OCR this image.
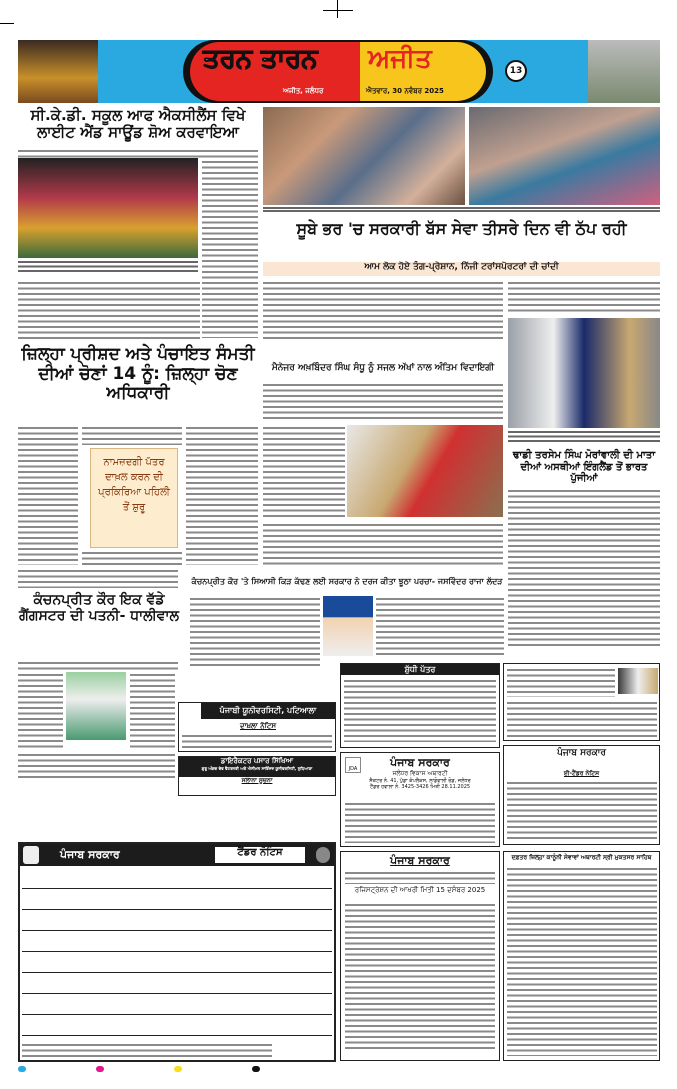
ਤਰਨ ਤਾਰਨ ਅਜੀਤ
ਅਜੀਤ, ਜਲੰਧਰ	ਐਤਵਾਰ, 30 ਨਵੰਬਰ 2025
13
ਸੀ.ਕੇ.ਡੀ. ਸਕੂਲ ਆਫ ਐਕਸੀਲੈਂਸ ਵਿਖੇ ਲਾਈਟ ਐਂਡ ਸਾਊਂਡ ਸ਼ੋਅ ਕਰਵਾਇਆ
ਸੂਬੇ ਭਰ 'ਚ ਸਰਕਾਰੀ ਬੱਸ ਸੇਵਾ ਤੀਸਰੇ ਦਿਨ ਵੀ ਠੱਪ ਰਹੀ
ਆਮ ਲੋਕ ਹੋਏ ਤੰਗ-ਪ੍ਰੇਸ਼ਾਨ, ਨਿੱਜੀ ਟਰਾਂਸਪੋਰਟਰਾਂ ਦੀ ਚਾਂਦੀ
ਜ਼ਿਲ੍ਹਾ ਪ੍ਰੀਸ਼ਦ ਅਤੇ ਪੰਚਾਇਤ ਸੰਮਤੀ ਦੀਆਂ ਚੋਣਾਂ 14 ਨੂੰ: ਜ਼ਿਲ੍ਹਾ ਚੋਣ ਅਧਿਕਾਰੀ
ਨਾਮਜ਼ਦਗੀ ਪੱਤਰ ਦਾਖ਼ਲ ਕਰਨ ਦੀ ਪ੍ਰਕਿਰਿਆ ਪਹਿਲੀ ਤੋਂ ਸ਼ੁਰੂ
ਮੈਨੇਜਰ ਅਖ਼ਬਿੰਦਰ ਸਿੰਘ ਸੰਧੂ ਨੂੰ ਸਜਲ ਅੱਖਾਂ ਨਾਲ ਅੰਤਿਮ ਵਿਦਾਇਗੀ
ਢਾਡੀ ਤਰਸੇਮ ਸਿੰਘ ਮੋਰਾਂਵਾਲੀ ਦੀ ਮਾਤਾ ਦੀਆਂ ਅਸਥੀਆਂ ਇੰਗਲੈਂਡ ਤੋਂ ਭਾਰਤ ਪੁੱਜੀਆਂ
ਕੰਚਨਪ੍ਰੀਤ ਕੌਰ ਇਕ ਵੱਡੇ ਗੈਂਗਸਟਰ ਦੀ ਪਤਨੀ- ਧਾਲੀਵਾਲ
ਕੰਚਨਪ੍ਰੀਤ ਕੌਰ 'ਤੇ ਸਿਆਸੀ ਕਿੜ ਕੱਢਣ ਲਈ ਸਰਕਾਰ ਨੇ ਦਰਜ ਕੀਤਾ ਝੂਠਾ ਪਰਚਾ- ਜਸਵਿੰਦਰ ਰਾਜਾ ਲੱਦੜ
ਸ਼ੁੱਧੀ ਪੱਤਰ
ਪੰਜਾਬੀ ਯੂਨੀਵਰਸਿਟੀ, ਪਟਿਆਲਾ
ਦਾਖ਼ਲਾ ਨੋਟਿਸ
ਡਾਇਰੈਕਟਰ ਪਸਾਰ ਸਿੱਖਿਆ
ਗੁਰੂ ਅੰਗਦ ਦੇਵ ਵੈਟਰਨਰੀ ਅਤੇ ਐਨੀਮਲ ਸਾਇੰਸਜ਼ ਯੂਨੀਵਰਸਿਟੀ, ਲੁਧਿਆਣਾ
ਸਲਾਨਾ ਸੂਚਨਾ
JDA	ਪੰਜਾਬ ਸਰਕਾਰ
ਜਲੰਧਰ ਵਿਕਾਸ ਅਥਾਰਟੀ
ਸੈਕਟਰ ਨੰ. 41, ਪੁੱਡਾ ਕੰਪਲੈਕਸ, ਲਾਡੋਵਾਲੀ ਰੋਡ, ਜਲੰਧਰ
ਟੈਂਡਰ ਹਵਾਲਾ ਨੰ. 3425-3426 ਮਿਤੀ 28.11.2025
ਪੰਜਾਬ ਸਰਕਾਰ
ਈ-ਟੈਂਡਰ ਨੋਟਿਸ
ਪੰਜਾਬ ਸਰਕਾਰ	ਟੈਂਡਰ ਨੋਟਿਸ
ਪੰਜਾਬ ਸਰਕਾਰ
ਰਜਿਸਟ੍ਰੇਸ਼ਨ ਦੀ ਆਖਰੀ ਮਿਤੀ 15 ਦਸੰਬਰ 2025
ਦਫ਼ਤਰ ਜ਼ਿਲ੍ਹਾ ਕਾਨੂੰਨੀ ਸੇਵਾਵਾਂ ਅਥਾਰਟੀ ਸ੍ਰੀ ਮੁਕਤਸਰ ਸਾਹਿਬ
